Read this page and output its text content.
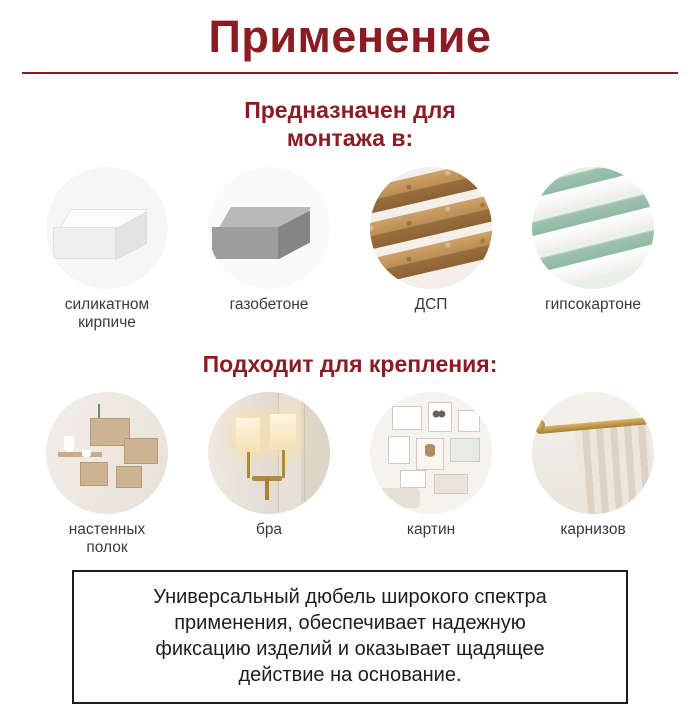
Применение
Предназначен для
монтажа в:
силикатном
кирпиче
газобетоне	ДСП	гипсокартоне
Подходит для крепления:
настенных
полок
бра	картин	карнизов
Универсальный дюбель широкого спектра
применения, обеспечивает надежную
фиксацию изделий и оказывает щадящее
действие на основание.
